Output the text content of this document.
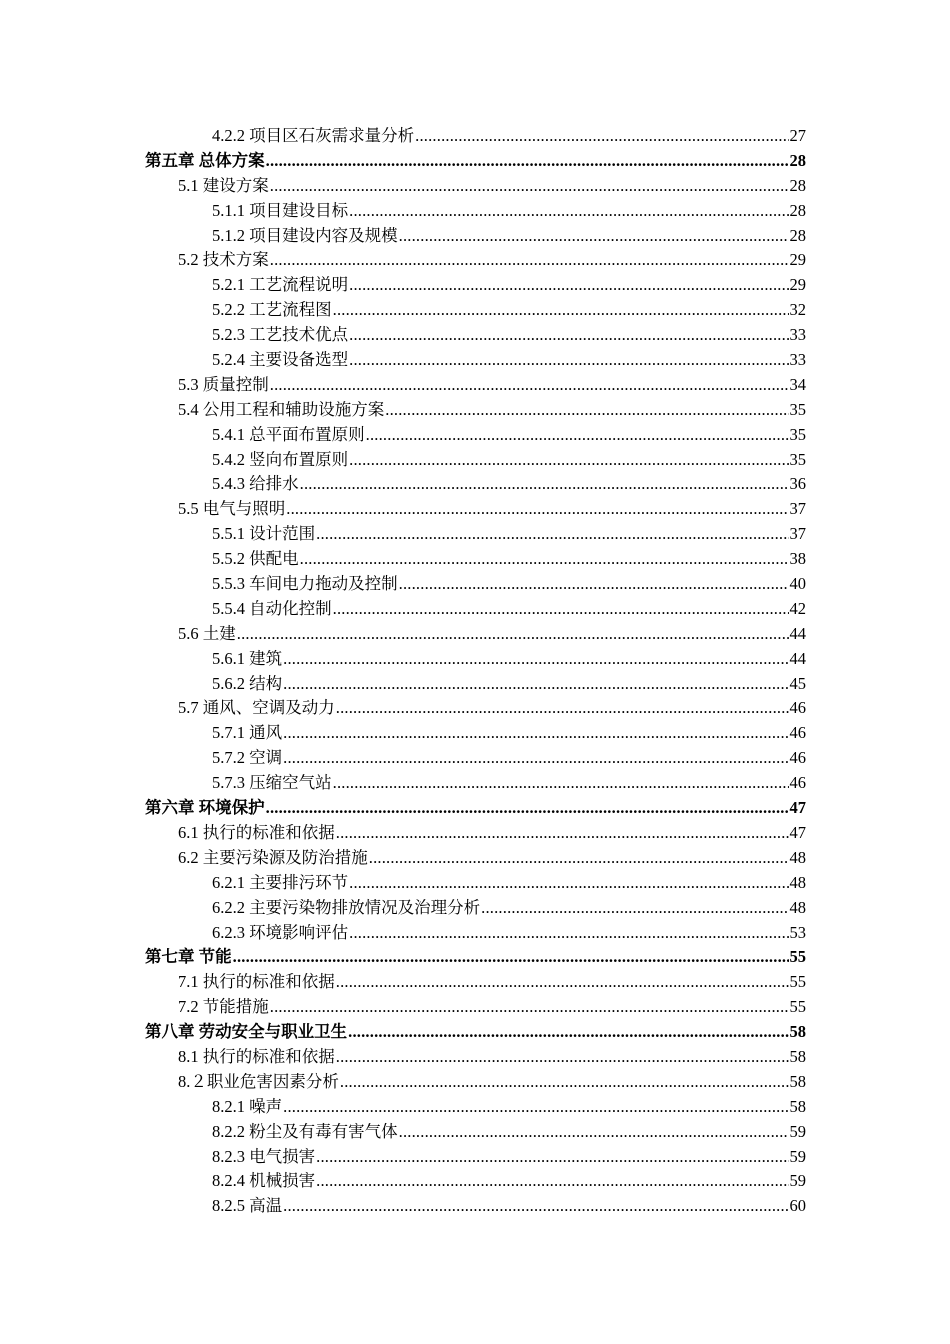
4.2.2 项目区石灰需求量分析 .....	27
第五章 总体方案 .....	28
5.1 建设方案 .....	28
5.1.1 项目建设目标 .....	28
5.1.2 项目建设内容及规模 .....	28
5.2 技术方案 .....	29
5.2.1 工艺流程说明 .....	29
5.2.2 工艺流程图 .....	32
5.2.3 工艺技术优点 .....	33
5.2.4 主要设备选型 .....	33
5.3 质量控制 .....	34
5.4 公用工程和辅助设施方案 .....	35
5.4.1 总平面布置原则 .....	35
5.4.2 竖向布置原则 .....	35
5.4.3 给排水 .....	36
5.5 电气与照明 .....	37
5.5.1 设计范围 .....	37
5.5.2 供配电 .....	38
5.5.3 车间电力拖动及控制 .....	40
5.5.4 自动化控制 .....	42
5.6 土建 .....	44
5.6.1 建筑 .....	44
5.6.2 结构 .....	45
5.7 通风、空调及动力 .....	46
5.7.1 通风 .....	46
5.7.2 空调 .....	46
5.7.3 压缩空气站 .....	46
第六章 环境保护 .....	47
6.1 执行的标准和依据 .....	47
6.2 主要污染源及防治措施 .....	48
6.2.1 主要排污环节 .....	48
6.2.2 主要污染物排放情况及治理分析 .....	48
6.2.3 环境影响评估 .....	53
第七章 节能 .....	55
7.1 执行的标准和依据 .....	55
7.2 节能措施 .....	55
第八章 劳动安全与职业卫生 .....	58
8.1 执行的标准和依据 .....	58
8.２职业危害因素分析 .....	58
8.2.1 噪声 .....	58
8.2.2 粉尘及有毒有害气体 .....	59
8.2.3 电气损害 .....	59
8.2.4 机械损害 .....	59
8.2.5 高温 .....	60
